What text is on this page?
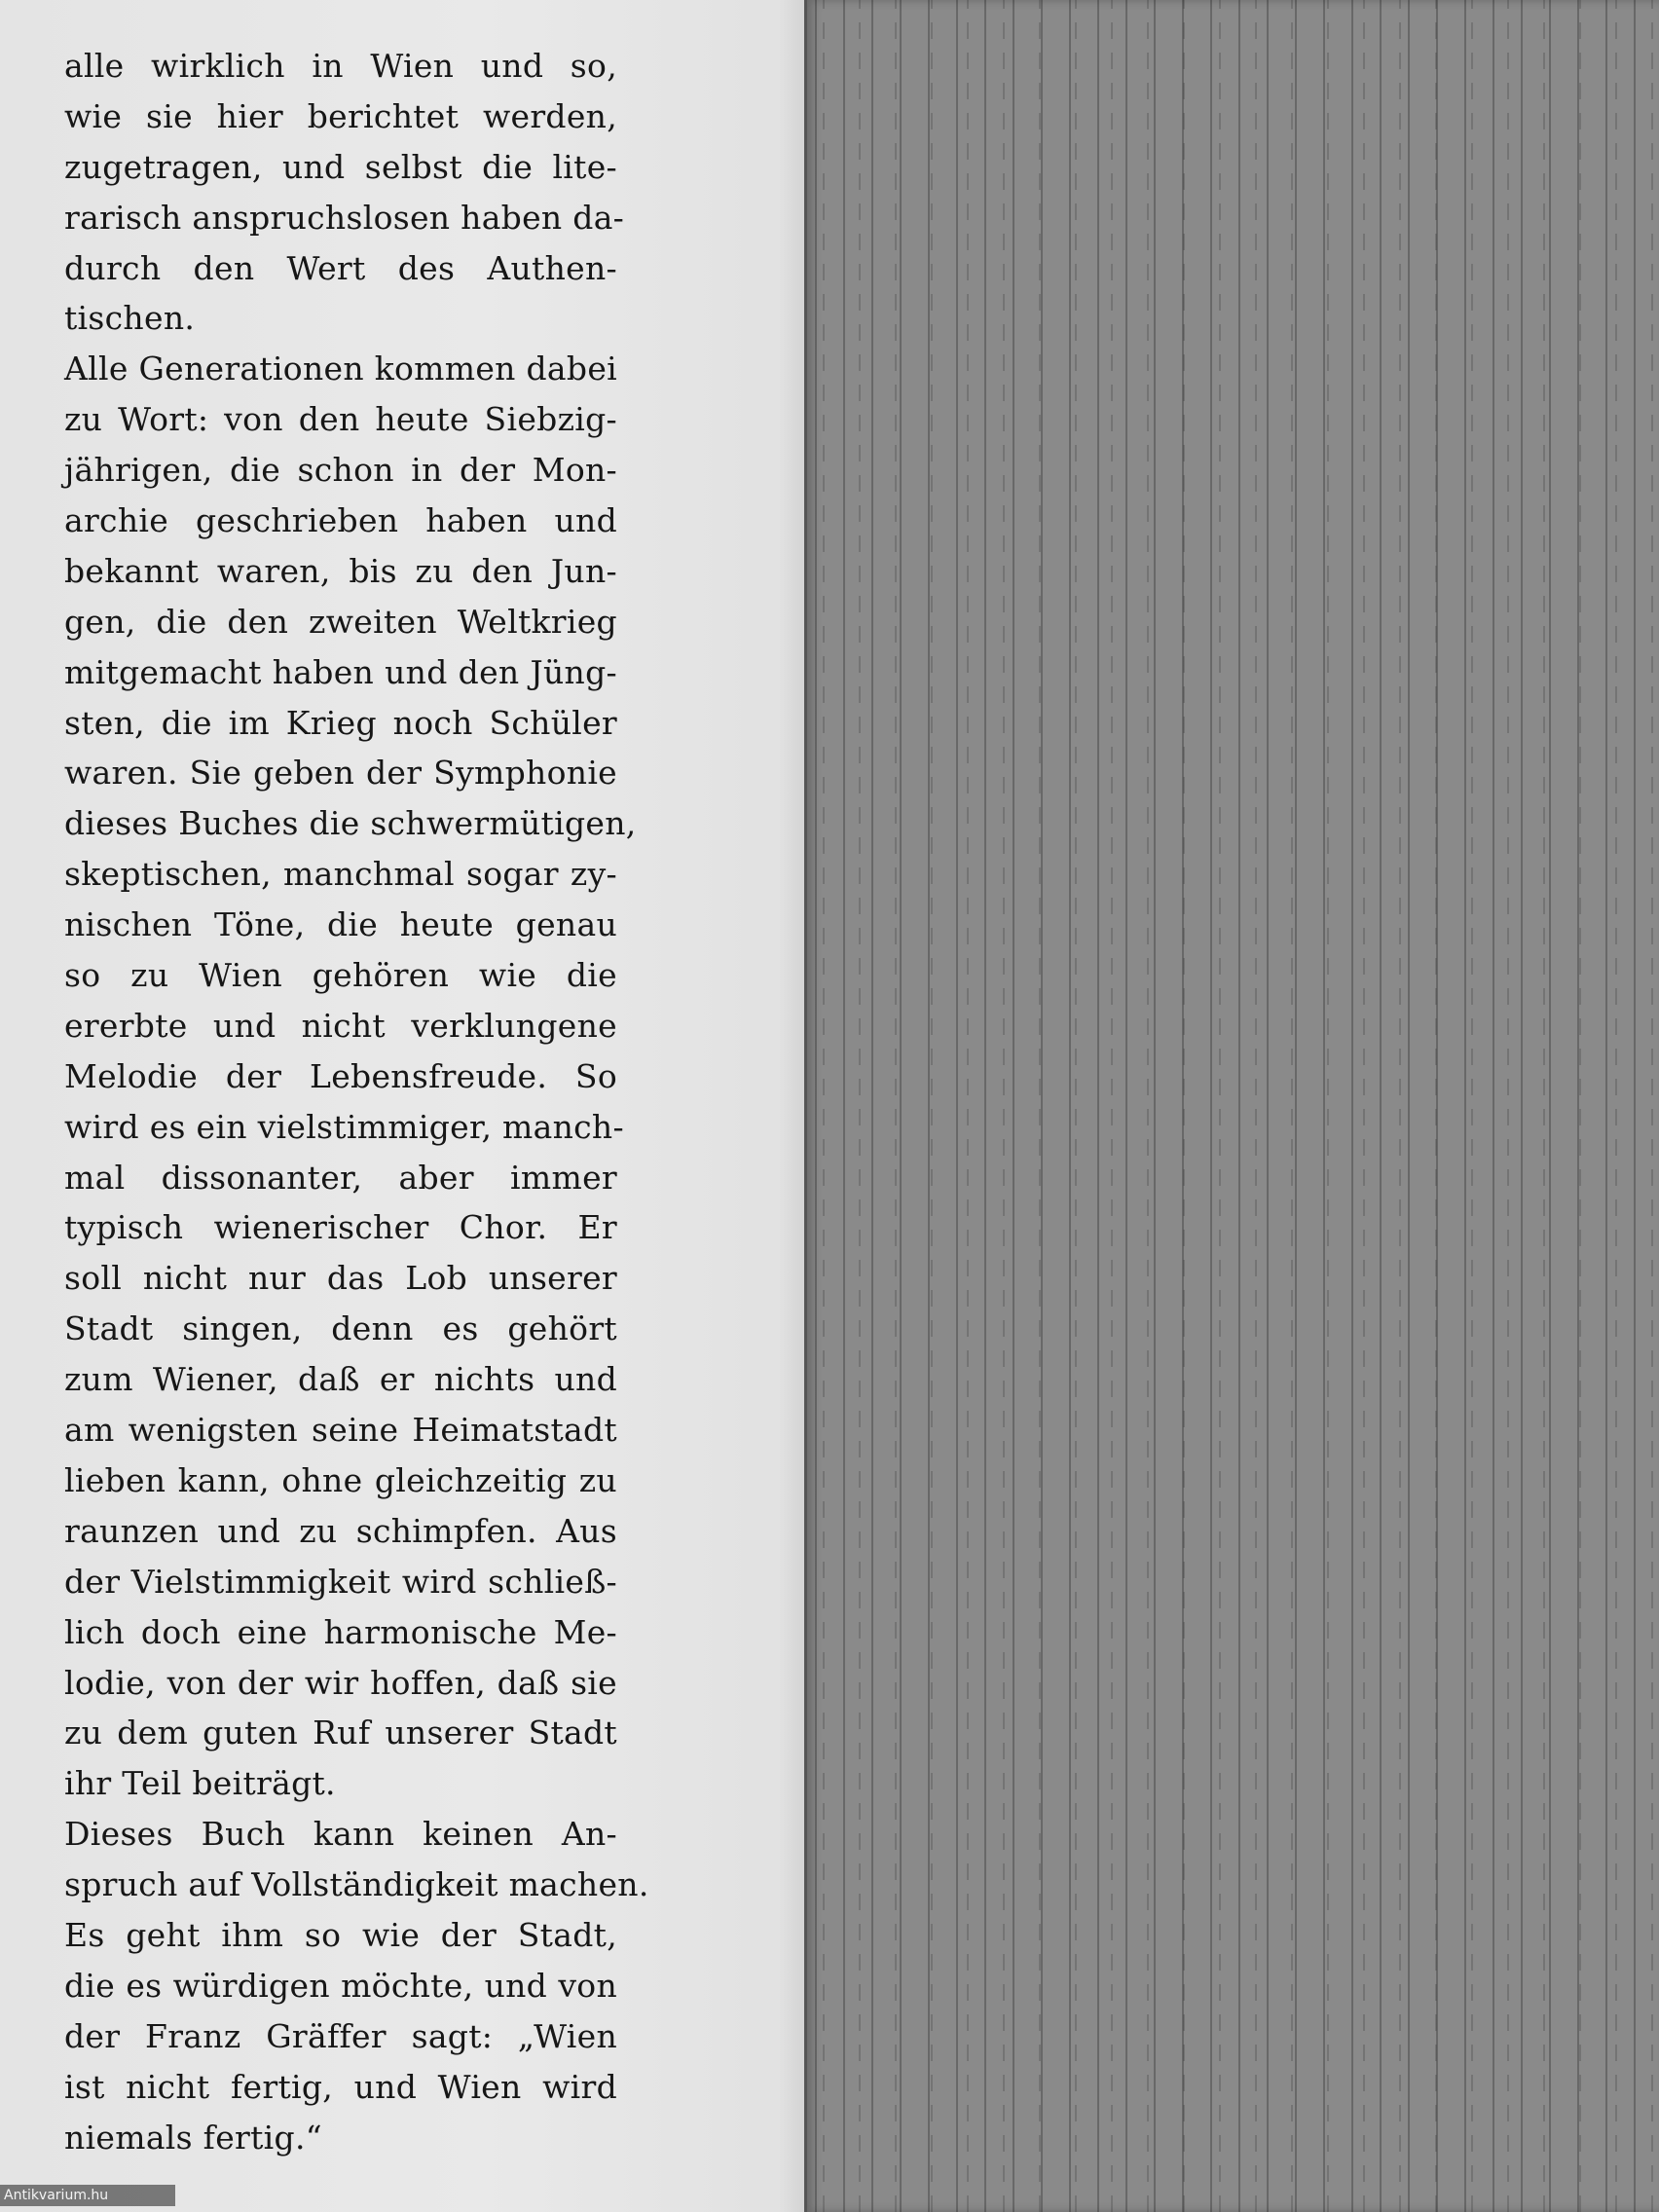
alle wirklich in Wien und so,
wie sie hier berichtet werden,
zugetragen, und selbst die lite-
rarisch anspruchslosen haben da-
durch den Wert des Authen-
tischen.
Alle Generationen kommen dabei
zu Wort: von den heute Siebzig-
jährigen, die schon in der Mon-
archie geschrieben haben und
bekannt waren, bis zu den Jun-
gen, die den zweiten Weltkrieg
mitgemacht haben und den Jüng-
sten, die im Krieg noch Schüler
waren. Sie geben der Symphonie
dieses Buches die schwermütigen,
skeptischen, manchmal sogar zy-
nischen Töne, die heute genau
so zu Wien gehören wie die
ererbte und nicht verklungene
Melodie der Lebensfreude. So
wird es ein vielstimmiger, manch-
mal dissonanter, aber immer
typisch wienerischer Chor. Er
soll nicht nur das Lob unserer
Stadt singen, denn es gehört
zum Wiener, daß er nichts und
am wenigsten seine Heimatstadt
lieben kann, ohne gleichzeitig zu
raunzen und zu schimpfen. Aus
der Vielstimmigkeit wird schließ-
lich doch eine harmonische Me-
lodie, von der wir hoffen, daß sie
zu dem guten Ruf unserer Stadt
ihr Teil beiträgt.
Dieses Buch kann keinen An-
spruch auf Vollständigkeit machen.
Es geht ihm so wie der Stadt,
die es würdigen möchte, und von
der Franz Gräffer sagt: „Wien
ist nicht fertig, und Wien wird
niemals fertig.“
Antikvarium.hu
